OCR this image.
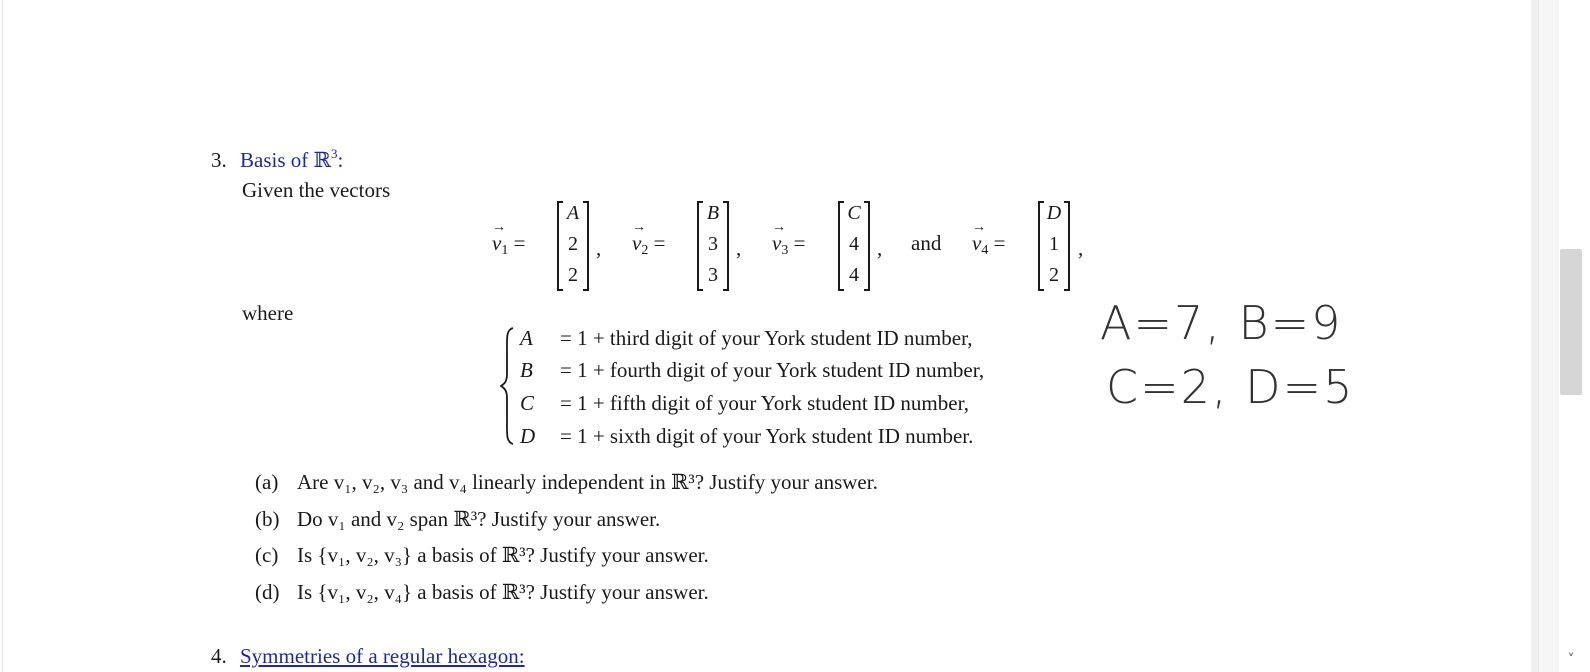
˅
3. Basis of ℝ$^3$:
Given the vectors
→ $v_1$ =
A
2
2
, → $v_2$ =
B
3
3
, → $v_3$ =
C
4
4
, and → $v_4$ =
D
1
2
,
where
A = 1 + third digit of your York student ID number,
B = 1 + fourth digit of your York student ID number,
C = 1 + fifth digit of your York student ID number,
D = 1 + sixth digit of your York student ID number.
A=7, B=9
C=2, D=5
(a) Are v₁, v₂, v₃ and v₄ linearly independent in ℝ³? Justify your answer.
(b) Do v₁ and v₂ span ℝ³? Justify your answer.
(c) Is {v₁, v₂, v₃} a basis of ℝ³? Justify your answer.
(d) Is {v₁, v₂, v₄} a basis of ℝ³? Justify your answer.
4. Symmetries of a regular hexagon:
